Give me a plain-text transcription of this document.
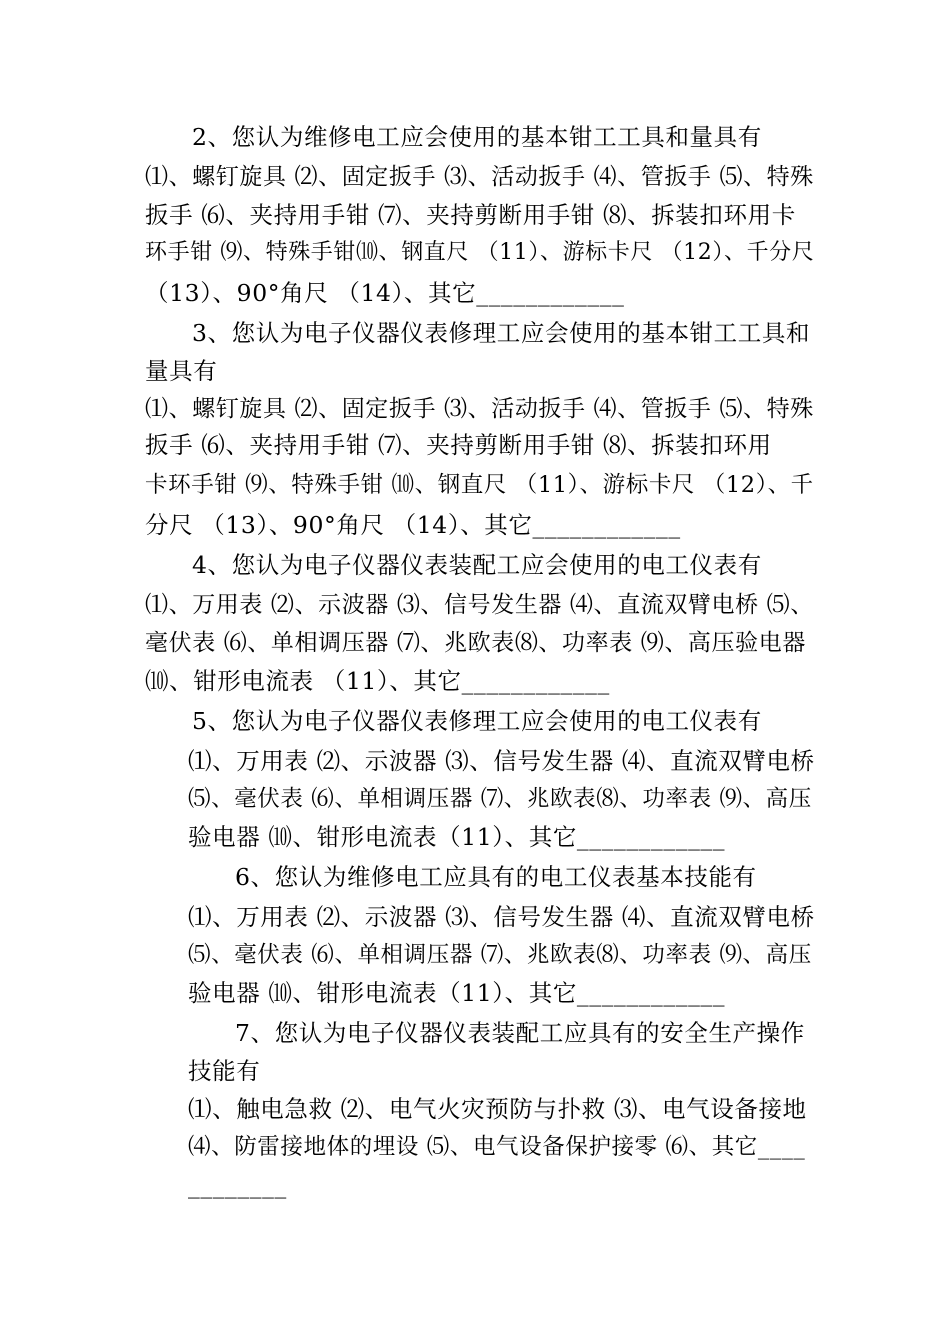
2、您认为维修电工应会使用的基本钳工工具和量具有
⑴、螺钉旋具 ⑵、固定扳手 ⑶、活动扳手 ⑷、管扳手 ⑸、特殊
扳手 ⑹、夹持用手钳 ⑺、夹持剪断用手钳 ⑻、拆装扣环用卡
环手钳 ⑼、特殊手钳⑽、钢直尺 （11）、游标卡尺 （12）、千分尺
（13）、90°角尺 （14）、其它____________
3、您认为电子仪器仪表修理工应会使用的基本钳工工具和
量具有
⑴、螺钉旋具 ⑵、固定扳手 ⑶、活动扳手 ⑷、管扳手 ⑸、特殊
扳手 ⑹、夹持用手钳 ⑺、夹持剪断用手钳 ⑻、拆装扣环用
卡环手钳 ⑼、特殊手钳 ⑽、钢直尺 （11）、游标卡尺 （12）、千
分尺 （13）、90°角尺 （14）、其它____________
4、您认为电子仪器仪表装配工应会使用的电工仪表有
⑴、万用表 ⑵、示波器 ⑶、信号发生器 ⑷、直流双臂电桥 ⑸、
毫伏表 ⑹、单相调压器 ⑺、兆欧表⑻、功率表 ⑼、高压验电器
⑽、钳形电流表 （11）、其它____________
5、您认为电子仪器仪表修理工应会使用的电工仪表有
⑴、万用表 ⑵、示波器 ⑶、信号发生器 ⑷、直流双臂电桥
⑸、毫伏表 ⑹、单相调压器 ⑺、兆欧表⑻、功率表 ⑼、高压
验电器 ⑽、钳形电流表（11）、其它____________
6、您认为维修电工应具有的电工仪表基本技能有
⑴、万用表 ⑵、示波器 ⑶、信号发生器 ⑷、直流双臂电桥
⑸、毫伏表 ⑹、单相调压器 ⑺、兆欧表⑻、功率表 ⑼、高压
验电器 ⑽、钳形电流表（11）、其它____________
7、您认为电子仪器仪表装配工应具有的安全生产操作
技能有
⑴、触电急救 ⑵、电气火灾预防与扑救 ⑶、电气设备接地
⑷、防雷接地体的埋设 ⑸、电气设备保护接零 ⑹、其它____
________
